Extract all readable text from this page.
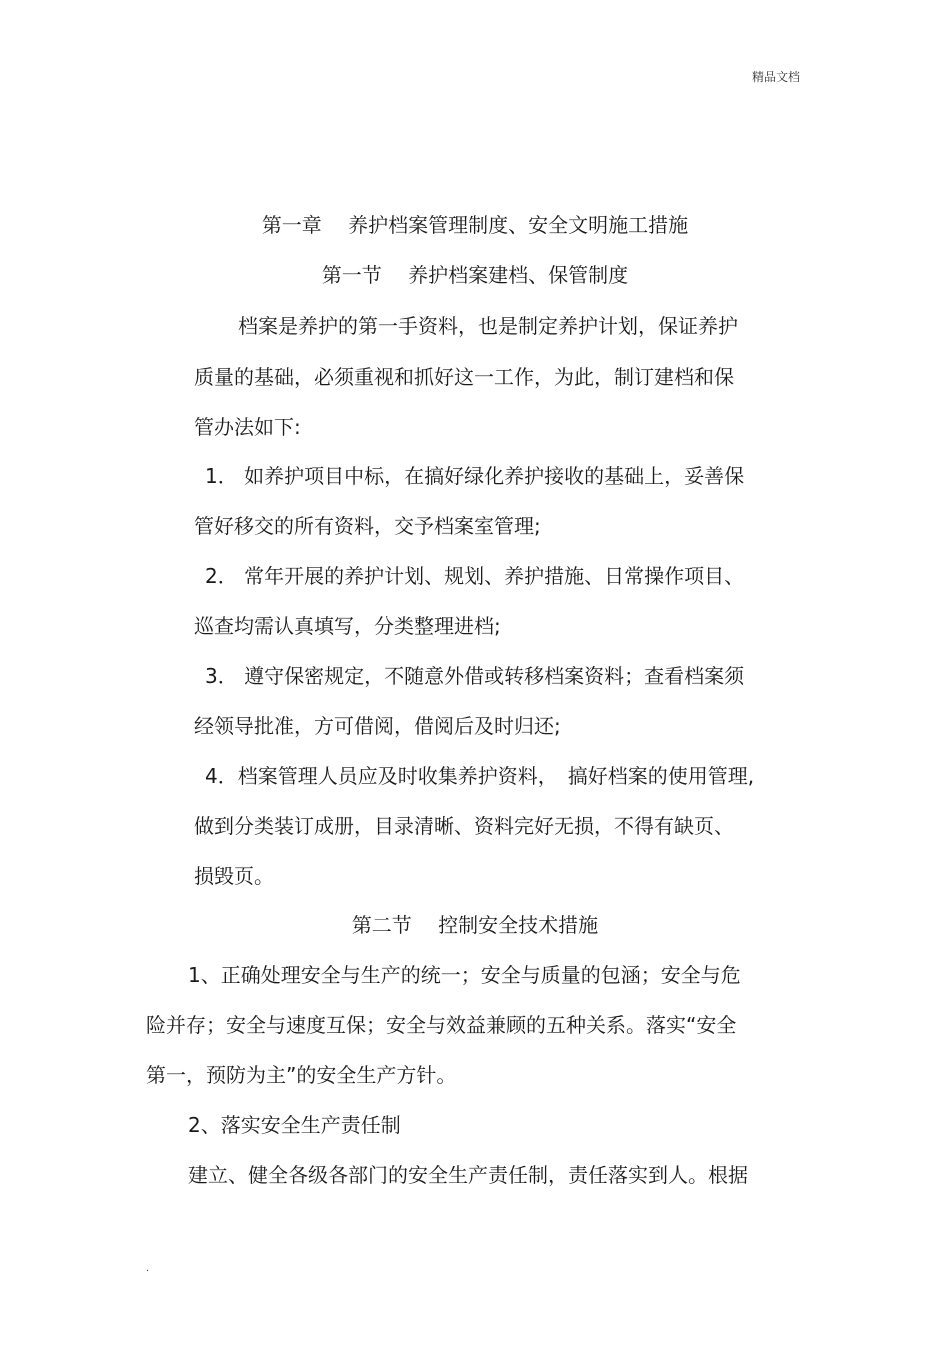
精品文档
第一章　 养护档案管理制度、安全文明施工措施
第一节　 养护档案建档、保管制度
档案是养护的第一手资料，也是制定养护计划，保证养护
质量的基础，必须重视和抓好这一工作，为此，制订建档和保
管办法如下:
1． 如养护项目中标，在搞好绿化养护接收的基础上，妥善保
管好移交的所有资料，交予档案室管理;
2． 常年开展的养护计划、规划、养护措施、日常操作项目、
巡查均需认真填写，分类整理进档;
3． 遵守保密规定，不随意外借或转移档案资料；查看档案须
经领导批准，方可借阅，借阅后及时归还;
4．档案管理人员应及时收集养护资料，　搞好档案的使用管理,
做到分类装订成册，目录清晰、资料完好无损，不得有缺页、
损毁页。
第二节　 控制安全技术措施
1、正确处理安全与生产的统一；安全与质量的包涵；安全与危
险并存；安全与速度互保；安全与效益兼顾的五种关系。落实“安全
第一，预防为主”的安全生产方针。
2、落实安全生产责任制
建立、健全各级各部门的安全生产责任制，责任落实到人。根据
.
